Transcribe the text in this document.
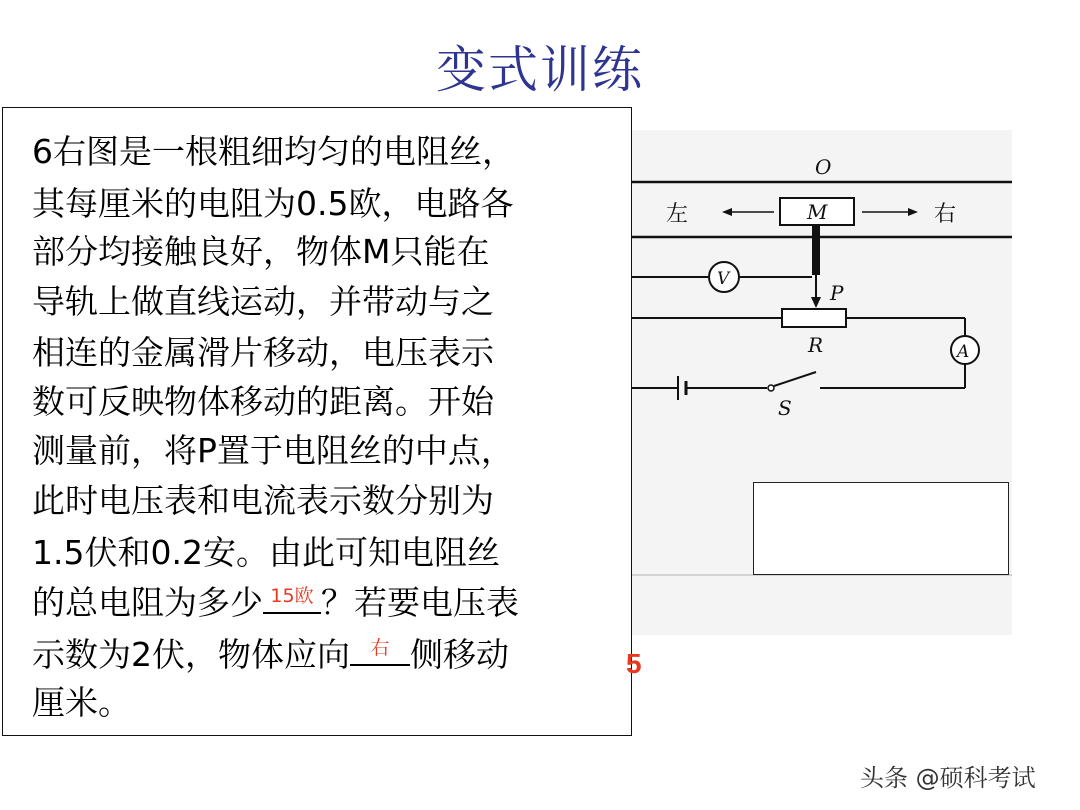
变式训练
O
M
左	右
P
V
R	A
S
6右图是一根粗细均匀的电阻丝，
其每厘米的电阻为0.5欧，电路各
部分均接触良好，物体M只能在
导轨上做直线运动，并带动与之
相连的金属滑片移动，电压表示
数可反映物体移动的距离。开始
测量前，将P置于电阻丝的中点，
此时电压表和电流表示数分别为
1.5伏和0.2安。由此可知电阻丝
的总电阻为多少 15欧 ？若要电压表
示数为2伏，物体应向	右 侧移动
厘米。
5
头条 @硕科考试
